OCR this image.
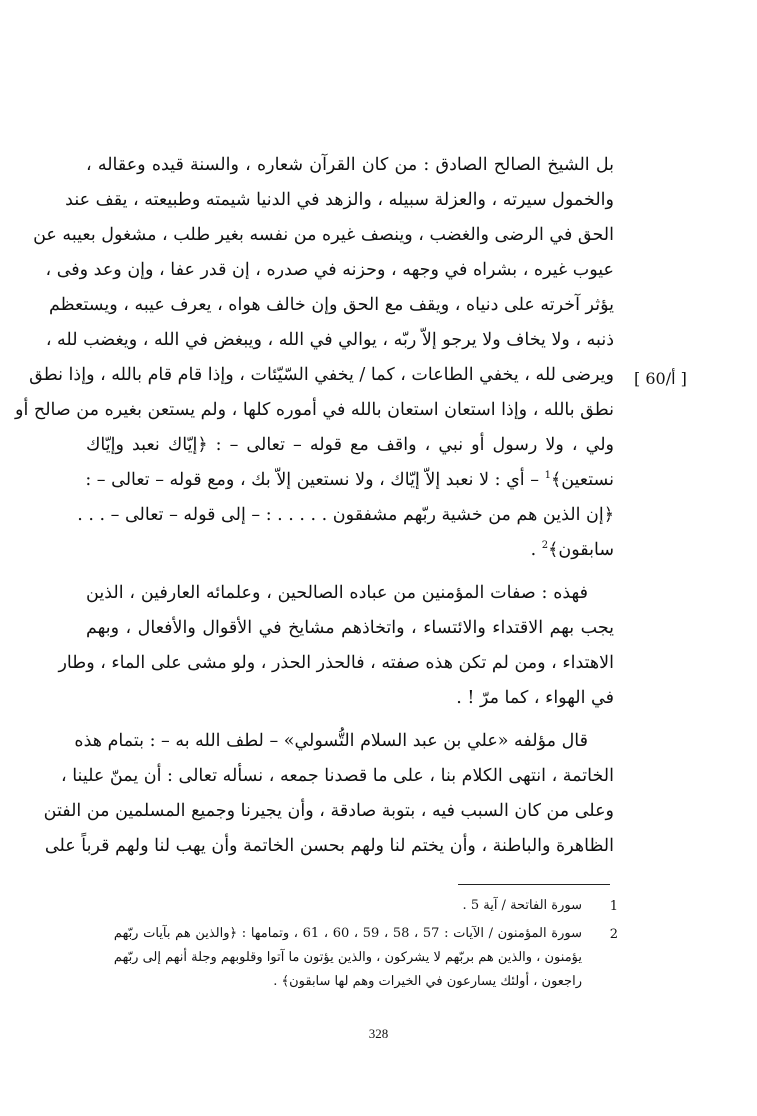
بل الشيخ الصالح الصادق : من كان القرآن شعاره ، والسنة قيده وعقاله ،
والخمول سيرته ، والعزلة سبيله ، والزهد في الدنيا شيمته وطبيعته ، يقف عند
الحق في الرضى والغضب ، وينصف غيره من نفسه بغير طلب ، مشغول بعيبه عن
عيوب غيره ، بشراه في وجهه ، وحزنه في صدره ، إن قدر عفا ، وإن وعد وفى ،
يؤثر آخرته على دنياه ، ويقف مع الحق وإن خالف هواه ، يعرف عيبه ، ويستعظم
ذنبه ، ولا يخاف ولا يرجو إلاّ ربّه ، يوالي في الله ، ويبغض في الله ، ويغضب لله ،
ويرضى لله ، يخفي الطاعات ، كما / يخفي السّيّئات ، وإذا قام قام بالله ، وإذا نطق
نطق بالله ، وإذا استعان استعان بالله في أموره كلها ، ولم يستعن بغيره من صالح أو
ولي ، ولا رسول أو نبي ، واقف مع قوله – تعالى – : ﴿إيّاك نعبد وإيّاك
نستعين﴾$^1$ – أي : لا نعبد إلاّ إيّاك ، ولا نستعين إلاّ بك ، ومع قوله – تعالى – :
﴿إن الذين هم من خشية ربّهم مشفقون . . . . . : – إلى قوله – تعالى – . . .
سابقون﴾$^2$ .
فهذه : صفات المؤمنين من عباده الصالحين ، وعلمائه العارفين ، الذين
يجب بهم الاقتداء والائتساء ، واتخاذهم مشايخ في الأقوال والأفعال ، وبهم
الاهتداء ، ومن لم تكن هذه صفته ، فالحذر الحذر ، ولو مشى على الماء ، وطار
في الهواء ، كما مرّ ! .
قال مؤلفه «علي بن عبد السلام التُّسولي» – لطف الله به – : بتمام هذه
الخاتمة ، انتهى الكلام بنا ، على ما قصدنا جمعه ، نسأله تعالى : أن يمنّ علينا ،
وعلى من كان السبب فيه ، بتوبة صادقة ، وأن يجيرنا وجميع المسلمين من الفتن
الظاهرة والباطنة ، وأن يختم لنا ولهم بحسن الخاتمة وأن يهب لنا ولهم قرباً على
[ 60/أ ]
1
سورة الفاتحة / آية 5 .
2
سورة المؤمنون / الآيات : 57 ، 58 ، 59 ، 60 ، 61 ، وتمامها : ﴿والذين هم بآيات ربّهم
يؤمنون ، والذين هم بربّهم لا يشركون ، والذين يؤتون ما آتوا وقلوبهم وجلة أنهم إلى ربّهم
راجعون ، أولئك يسارعون في الخيرات وهم لها سابقون﴾ .
328
